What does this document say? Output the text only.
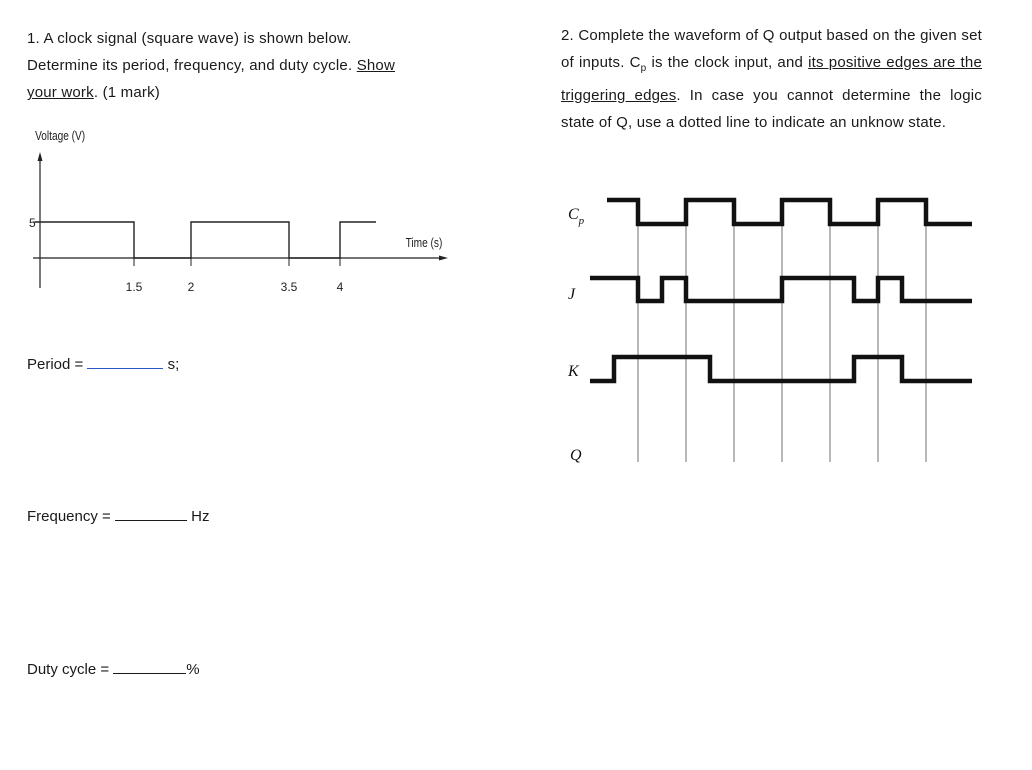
1. A clock signal (square wave) is shown below.
Determine its period, frequency, and duty cycle. Show
your work. (1 mark)
2. Complete the waveform of Q output based on the given set of inputs. $C_p$ is the clock input, and its positive edges are the triggering edges. In case you cannot determine the logic state of Q, use a dotted line to indicate an unknow state.
Period =	s;
Frequency =	Hz
Duty cycle =	%
5
Voltage (V)
Time (s)
1.5	2	3.5	4
$C_p$
J
K
Q
